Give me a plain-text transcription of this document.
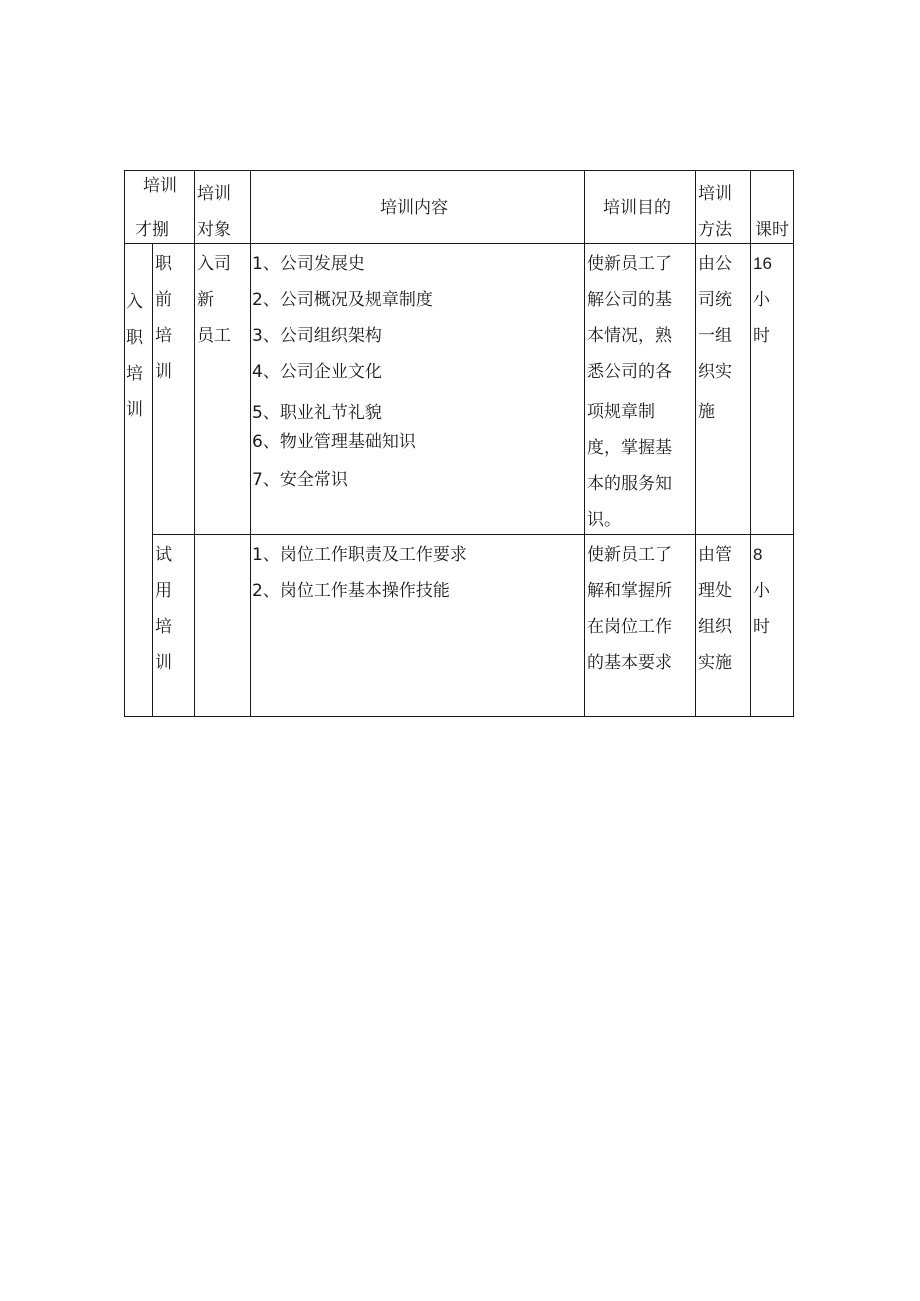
培训
才捌
培训
对象
培训内容	培训目的
培训
方法 课时
入
职
培
训
入司
新
员工
职
前
培
训
1、公司发展史
2、公司概况及规章制度
3、公司组织架构
4、公司企业文化
5、职业礼节礼貌
6、物业管理基础知识
7、安全常识
使新员工了
解公司的基
本情况，熟
悉公司的各
项规章制
度，掌握基
本的服务知
识。
由公
司统
一组
织实
施
16
小
时
试
用
培
训
1、岗位工作职责及工作要求
2、岗位工作基本操作技能
使新员工了
解和掌握所
在岗位工作
的基本要求
由管
理处
组织
实施
8
小
时
